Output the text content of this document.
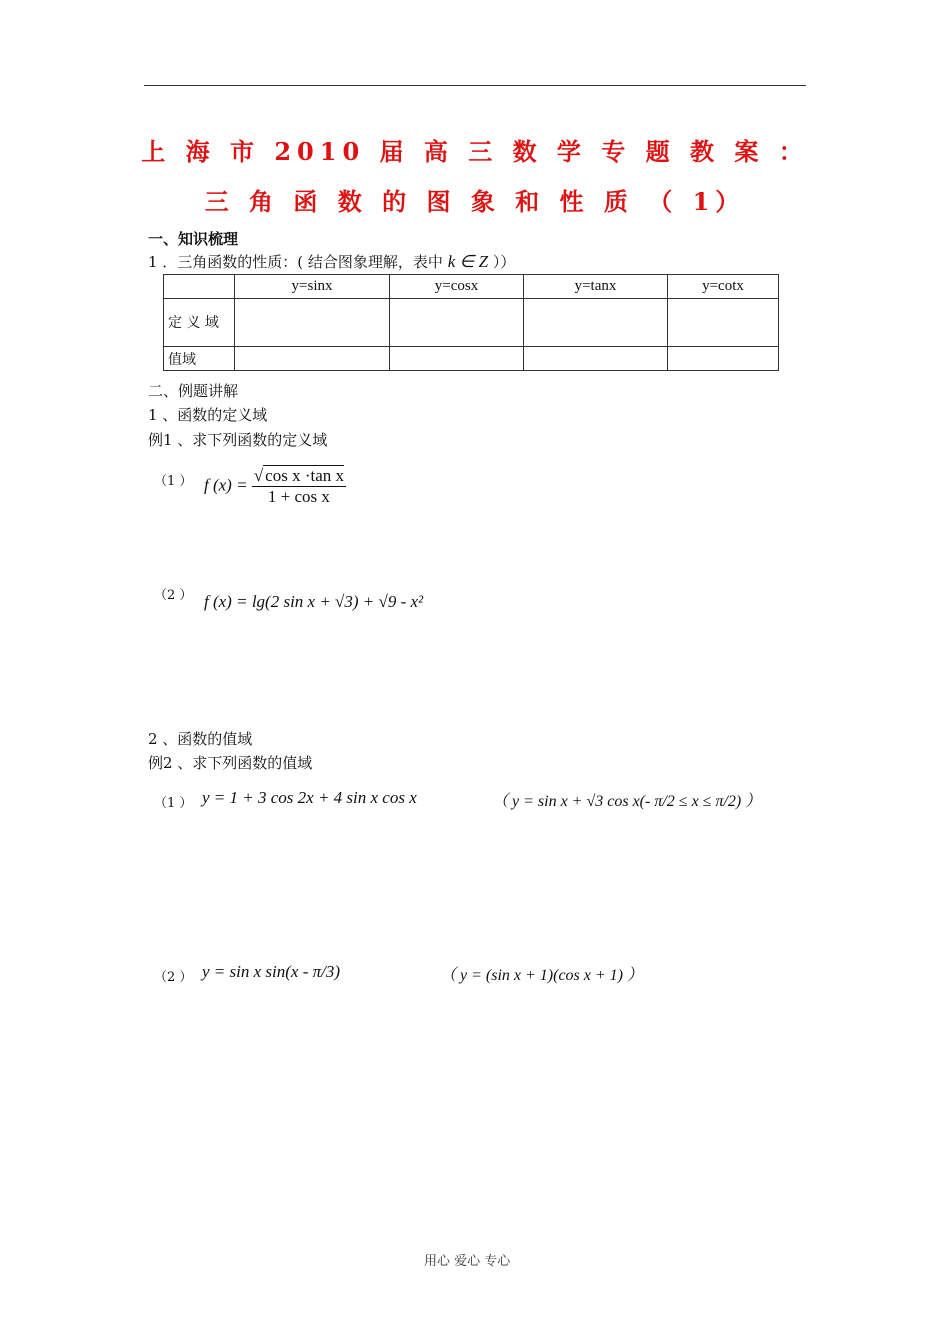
上 海 市 2010 届 高 三 数 学 专 题 教 案 ：
三 角 函 数 的 图 象 和 性 质 （ 1）
一、知识梳理
1 ．三角函数的性质：( 结合图象理解，表中 k ∈ Z ））
	y=sinx	y=cosx	y=tanx	y=cotx
定 义 域				
值域				
二、例题讲解
1 、函数的定义域
例1 、求下列函数的定义域
（1 ） f $(x) = \frac{\text{√ cos x ·tan x}}{\text{1 + cos x}}$
（2 ） f (x) = lg(2 sin x + √3) + √9 - x²
2 、函数的值域
例2 、求下列函数的值域
（1 ） y = 1 + 3 cos 2x + 4 sin x cos x	（ y = sin x + √3 cos x(- π/2 ≤ x ≤ π/2) ）
（2 ） y = sin x sin(x - π/3)	（ y = (sin x + 1)(cos x + 1) ）
用心 爱心 专心
